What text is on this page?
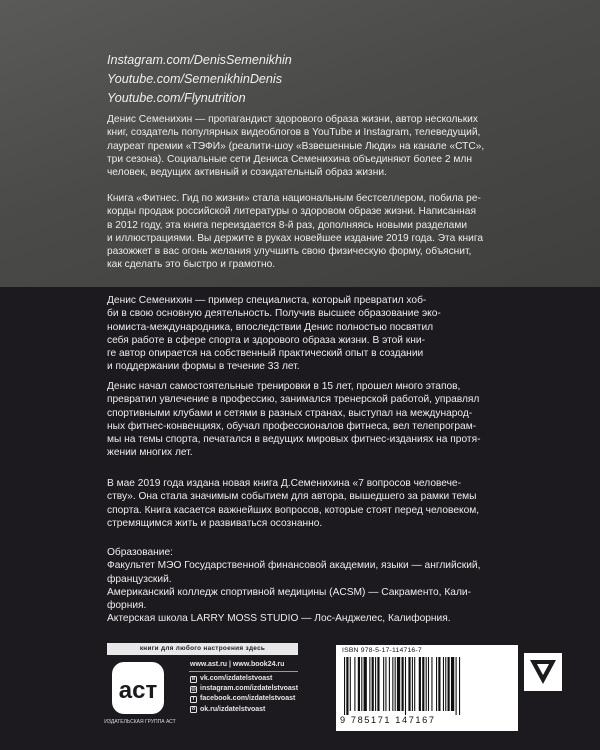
Instagram.com/DenisSemenikhin
Youtube.com/SemenikhinDenis
Youtube.com/Flynutrition
Денис Семенихин — пропагандист здорового образа жизни, автор нескольких
книг, создатель популярных видеоблогов в YouTube и Instagram, телеведущий,
лауреат премии «ТЭФИ» (реалити-шоу «Взвешенные Люди» на канале «СТС»,
три сезона). Социальные сети Дениса Семенихина объединяют более 2 млн
человек, ведущих активный и созидательный образ жизни.
Книга «Фитнес. Гид по жизни» стала национальным бестселлером, побила ре-
корды продаж российской литературы о здоровом образе жизни. Написанная
в 2012 году, эта книга переиздается 8-й раз, дополняясь новыми разделами
и иллюстрациями. Вы держите в руках новейшее издание 2019 года. Эта книга
разожжет в вас огонь желания улучшить свою физическую форму, объяснит,
как сделать это быстро и грамотно.
Денис Семенихин — пример специалиста, который превратил хоб-
би в свою основную деятельность. Получив высшее образование эко-
номиста-международника, впоследствии Денис полностью посвятил
себя работе в сфере спорта и здорового образа жизни. В этой кни-
ге автор опирается на собственный практический опыт в создании
и поддержании формы в течение 33 лет.
Денис начал самостоятельные тренировки в 15 лет, прошел много этапов,
превратил увлечение в профессию, занимался тренерской работой, управлял
спортивными клубами и сетями в разных странах, выступал на международ-
ных фитнес-конвенциях, обучал профессионалов фитнеса, вел телепрограм-
мы на темы спорта, печатался в ведущих мировых фитнес-изданиях на протя-
жении многих лет.
В мае 2019 года издана новая книга Д.Семенихина «7 вопросов человече-
ству». Она стала значимым событием для автора, вышедшего за рамки темы
спорта. Книга касается важнейших вопросов, которые стоят перед человеком,
стремящимся жить и развиваться осознанно.
Образование:
Факультет МЭО Государственной финансовой академии, языки — английский,
французский.
Американский колледж спортивной медицины (ACSM) — Сакраменто, Кали-
форния.
Актерская школа LARRY MOSS STUDIO — Лос-Анджелес, Калифорния.
книги для любого настроения здесь
аст
ИЗДАТЕЛЬСКАЯ ГРУППА АСТ
www.ast.ru | www.book24.ru
в vk.com/izdatelstvoast
◎ instagram.com/izdatelstvoast
f facebook.com/izdatelstvoast
о ok.ru/izdatelstvoast
ISBN 978-5-17-114716-7
9 785171 147167
